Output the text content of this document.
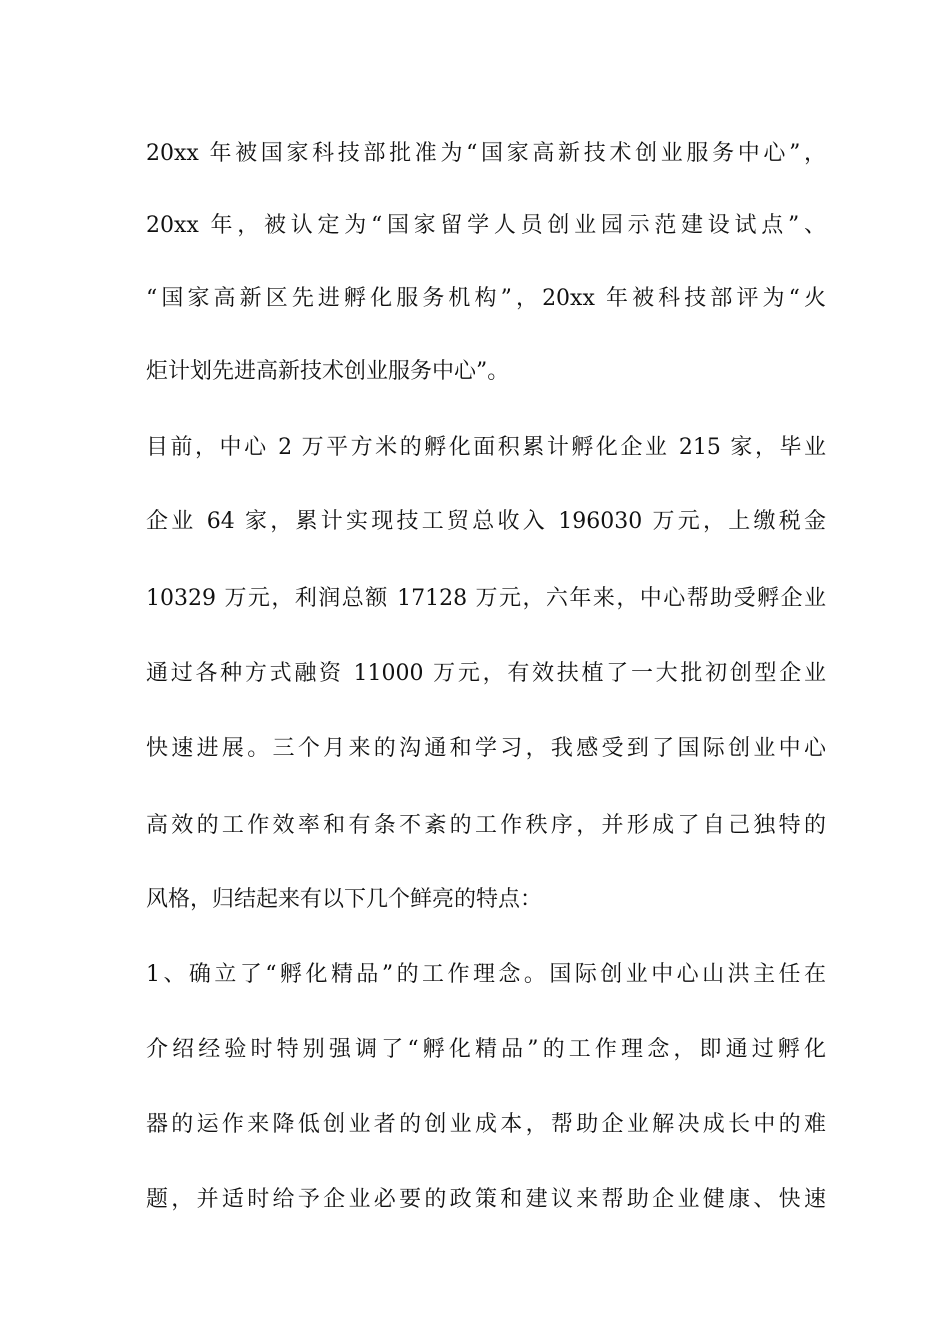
20xx 年被国家科技部批准为“国家高新技术创业服务中心”，
20xx 年，被认定为“国家留学人员创业园示范建设试点”、
“国家高新区先进孵化服务机构”，20xx 年被科技部评为“火
炬计划先进高新技术创业服务中心”。
目前，中心 2 万平方米的孵化面积累计孵化企业 215 家，毕业
企业 64 家，累计实现技工贸总收入 196030 万元，上缴税金
10329 万元，利润总额 17128 万元，六年来，中心帮助受孵企业
通过各种方式融资 11000 万元，有效扶植了一大批初创型企业
快速进展。三个月来的沟通和学习，我感受到了国际创业中心
高效的工作效率和有条不紊的工作秩序，并形成了自己独特的
风格，归结起来有以下几个鲜亮的特点：
1、确立了“孵化精品”的工作理念。国际创业中心山洪主任在
介绍经验时特别强调了“孵化精品”的工作理念，即通过孵化
器的运作来降低创业者的创业成本，帮助企业解决成长中的难
题，并适时给予企业必要的政策和建议来帮助企业健康、快速
